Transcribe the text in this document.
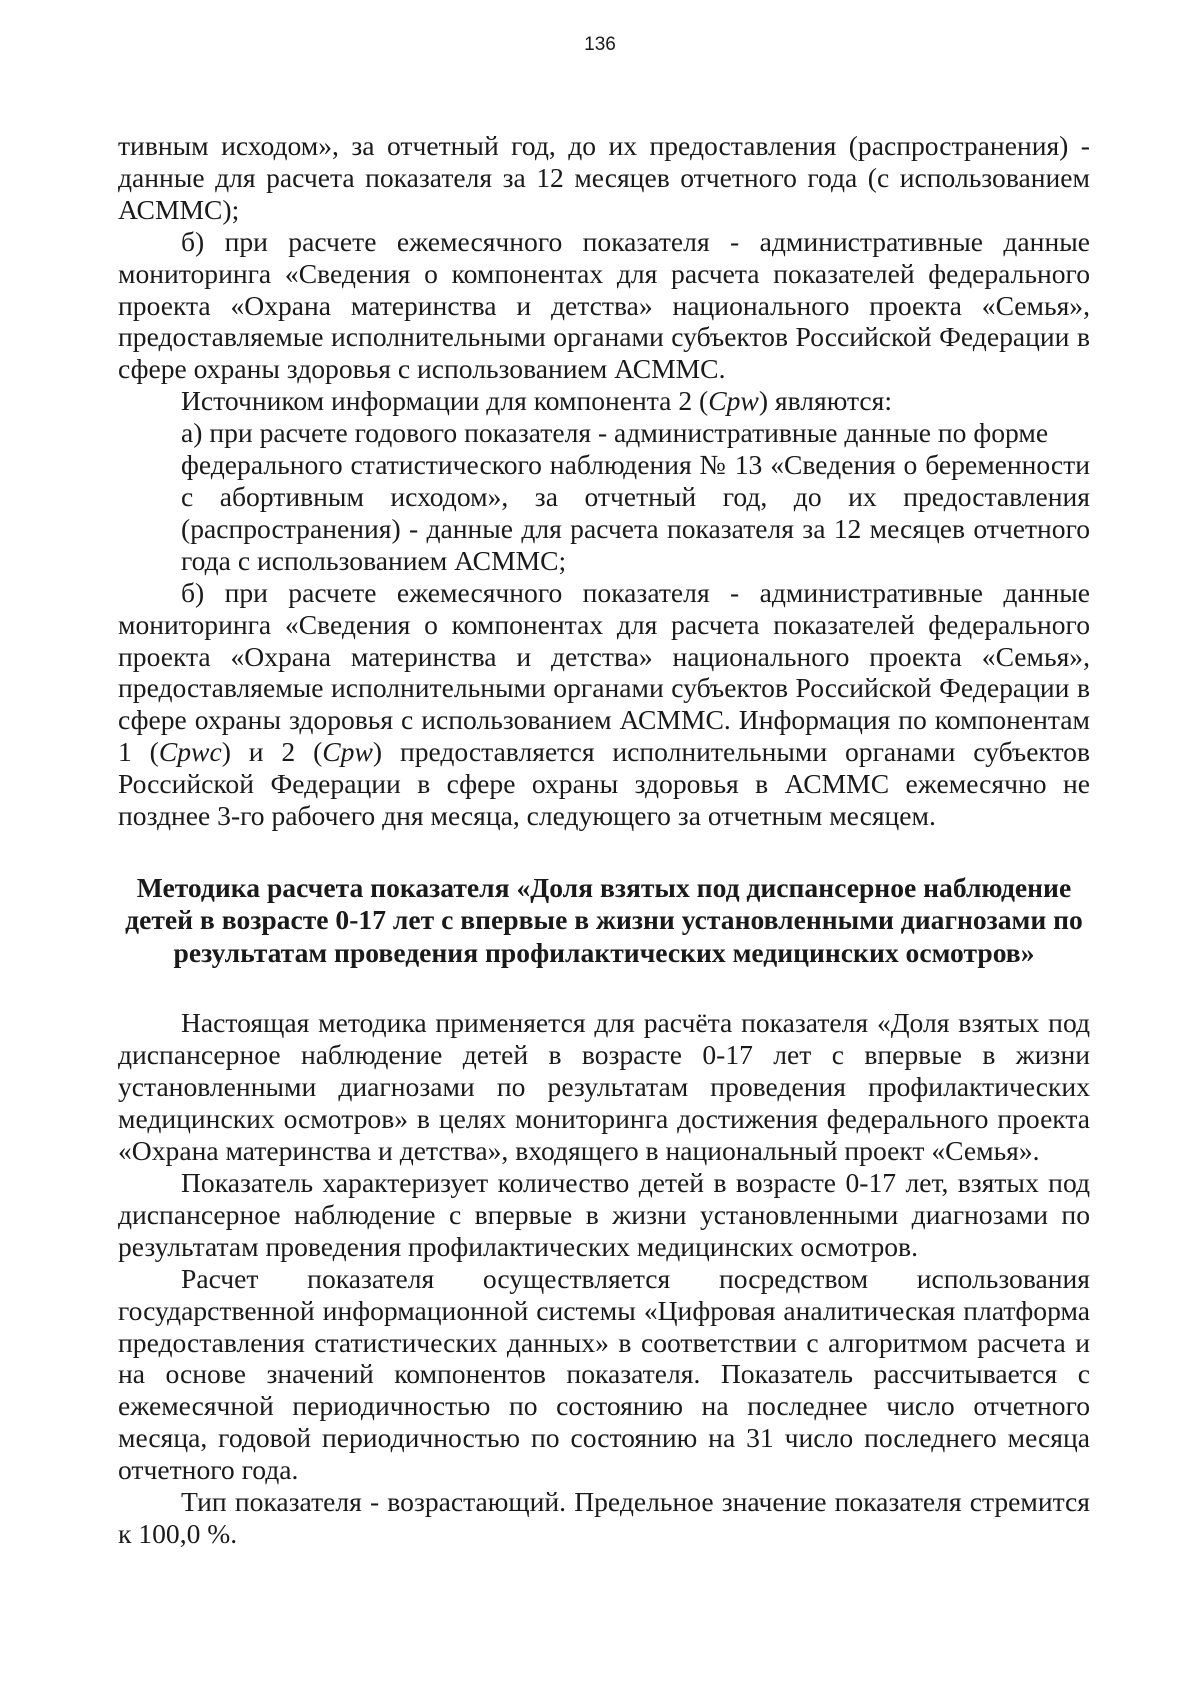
136

тивным исходом», за отчетный год, до их предоставления (распространения) - данные для расчета показателя за 12 месяцев отчетного года (с использованием АСММС);

б) при расчете ежемесячного показателя - административные данные мониторинга «Сведения о компонентах для расчета показателей федерального проекта «Охрана материнства и детства» национального проекта «Семья», предоставляемые исполнительными органами субъектов Российской Федерации в сфере охраны здоровья с использованием АСММС.

Источником информации для компонента 2 (Cpw) являются:

а) при расчете годового показателя - административные данные по форме

федерального статистического наблюдения № 13 «Сведения о беременности с абортивным исходом», за отчетный год, до их предоставления (распространения) - данные для расчета показателя за 12 месяцев отчетного года с использованием АСММС;

б) при расчете ежемесячного показателя - административные данные мониторинга «Сведения о компонентах для расчета показателей федерального проекта «Охрана материнства и детства» национального проекта «Семья», предоставляемые исполнительными органами субъектов Российской Федерации в сфере охраны здоровья с использованием АСММС. Информация по компонентам 1 (Cpwc) и 2 (Cpw) предоставляется исполнительными органами субъектов Российской Федерации в сфере охраны здоровья в АСММС ежемесячно не позднее 3-го рабочего дня месяца, следующего за отчетным месяцем.

Методика расчета показателя «Доля взятых под диспансерное наблюдение детей в возрасте 0-17 лет с впервые в жизни установленными диагнозами по результатам проведения профилактических медицинских осмотров»

Настоящая методика применяется для расчёта показателя «Доля взятых под диспансерное наблюдение детей в возрасте 0-17 лет с впервые в жизни установленными диагнозами по результатам проведения профилактических медицинских осмотров» в целях мониторинга достижения федерального проекта «Охрана материнства и детства», входящего в национальный проект «Семья».

Показатель характеризует количество детей в возрасте 0-17 лет, взятых под диспансерное наблюдение с впервые в жизни установленными диагнозами по результатам проведения профилактических медицинских осмотров.

Расчет показателя осуществляется посредством использования государственной информационной системы «Цифровая аналитическая платформа предоставления статистических данных» в соответствии с алгоритмом расчета и на основе значений компонентов показателя. Показатель рассчитывается с ежемесячной периодичностью по состоянию на последнее число отчетного месяца, годовой периодичностью по состоянию на 31 число последнего месяца отчетного года.

Тип показателя - возрастающий. Предельное значение показателя стремится к 100,0 %.
